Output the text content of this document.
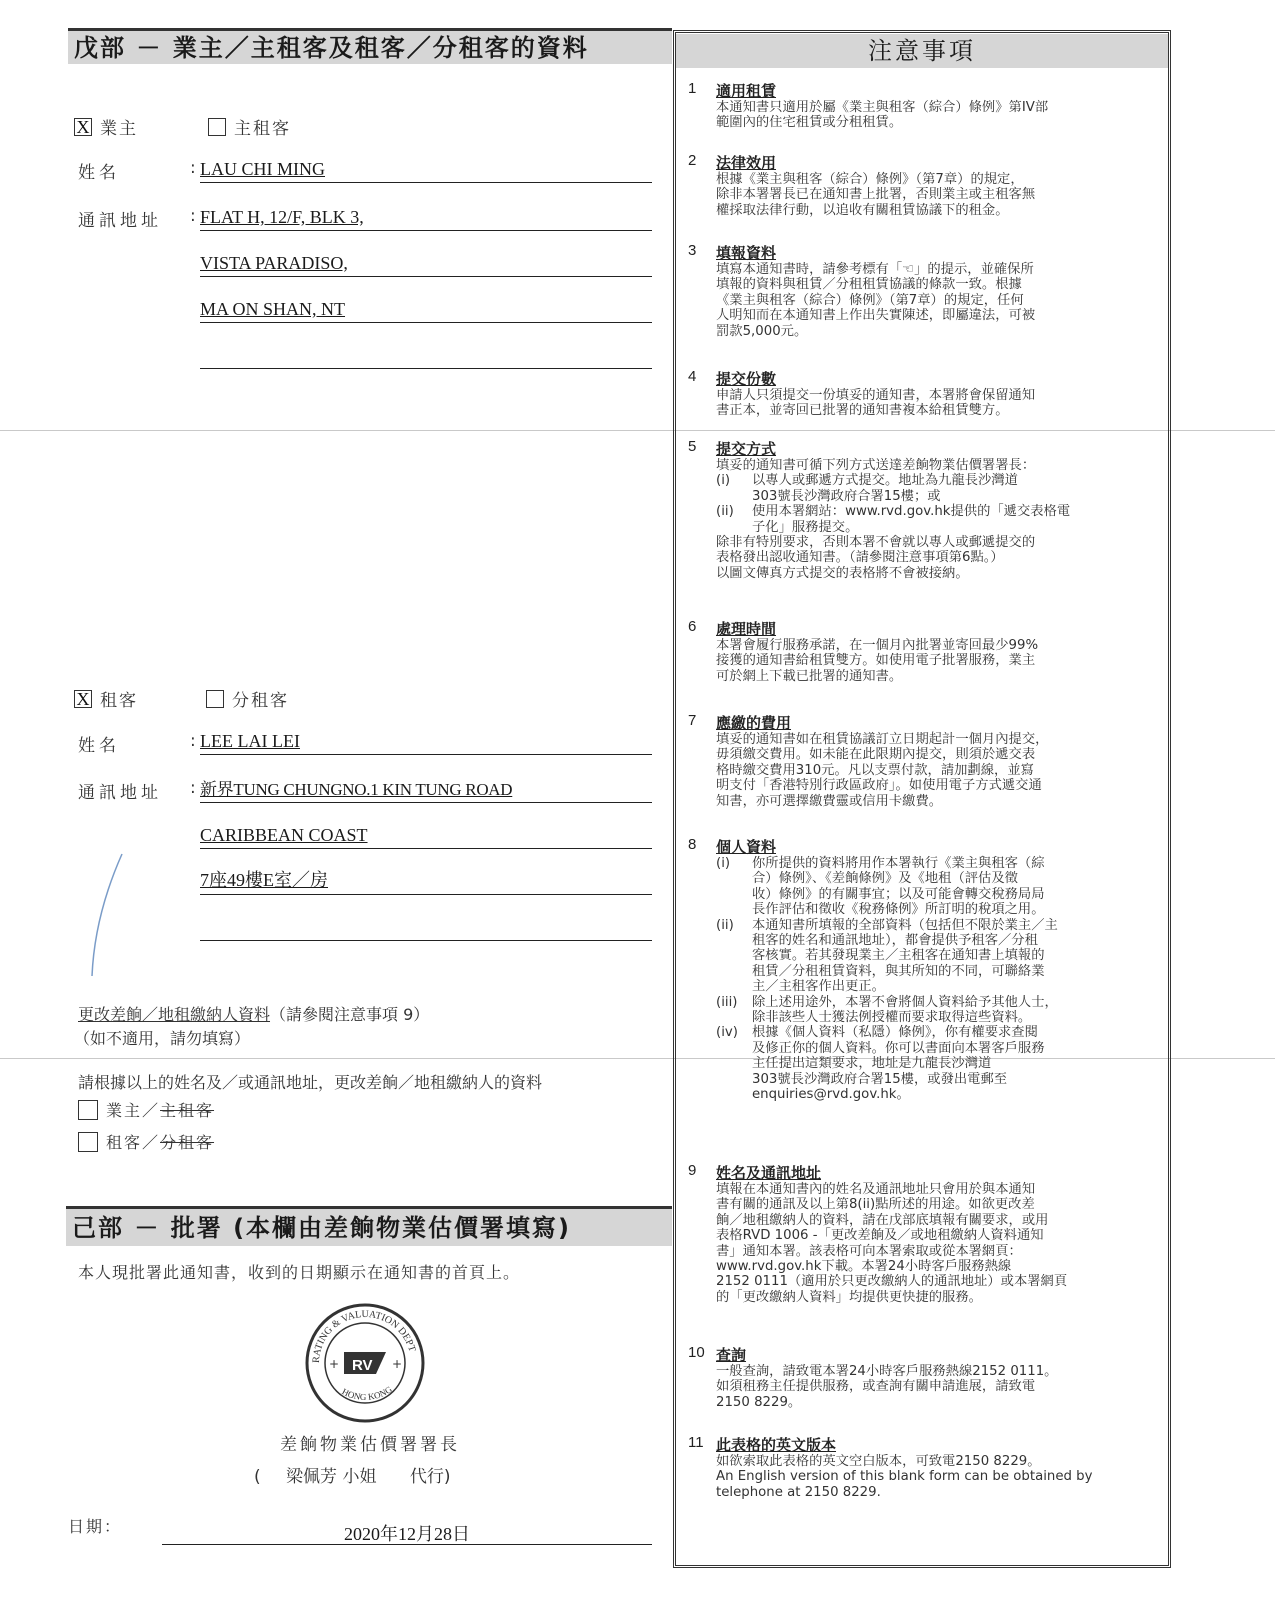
戊部 － 業主／主租客及租客／分租客的資料
X 業主	主租客
姓名	: LAU CHI MING
通訊地址 : FLAT H, 12/F, BLK 3,
VISTA PARADISO,
MA ON SHAN, NT
X 租客	分租客
姓名	: LEE LAI LEI
通訊地址 : 新界TUNG CHUNGNO.1 KIN TUNG ROAD
CARIBBEAN COAST
7座49樓E室／房
更改差餉／地租繳納人資料（請參閱注意事項 9）
（如不適用，請勿填寫）
請根據以上的姓名及／或通訊地址，更改差餉／地租繳納人的資料
業主／主租客
租客／分租客
己部 － 批署 (本欄由差餉物業估價署填寫)
本人現批署此通知書，收到的日期顯示在通知書的首頁上。
RATING & VALUATION DEPT
HONG KONG
RV
+	+
差餉物業估價署署長
( 梁佩芳 小姐 代行)
日期：	2020年12月28日
注意事項
1 適用租賃

本通知書只適用於屬《業主與租客（綜合）條例》第IV部

範圍內的住宅租賃或分租租賃。

2 法律效用

根據《業主與租客（綜合）條例》（第7章）的規定，

除非本署署長已在通知書上批署，否則業主或主租客無

權採取法律行動，以追收有關租賃協議下的租金。

3 填報資料

填寫本通知書時，請參考標有「☜」的提示，並確保所

填報的資料與租賃／分租租賃協議的條款一致。根據

《業主與租客（綜合）條例》（第7章）的規定，任何

人明知而在本通知書上作出失實陳述，即屬違法，可被

罰款5,000元。

4 提交份數

申請人只須提交一份填妥的通知書，本署將會保留通知

書正本，並寄回已批署的通知書複本給租賃雙方。

5 提交方式

填妥的通知書可循下列方式送達差餉物業估價署署長：

(i) 以專人或郵遞方式提交。地址為九龍長沙灣道

303號長沙灣政府合署15樓；或

(ii) 使用本署網站：www.rvd.gov.hk提供的「遞交表格電

子化」服務提交。

除非有特別要求，否則本署不會就以專人或郵遞提交的

表格發出認收通知書。（請參閱注意事項第6點。）

以圖文傳真方式提交的表格將不會被接納。

6 處理時間

本署會履行服務承諾，在一個月內批署並寄回最少99%

接獲的通知書給租賃雙方。如使用電子批署服務，業主

可於網上下載已批署的通知書。

7 應繳的費用

填妥的通知書如在租賃協議訂立日期起計一個月內提交，

毋須繳交費用。如未能在此限期內提交，則須於遞交表

格時繳交費用310元。凡以支票付款，請加劃線，並寫

明支付「香港特別行政區政府」。如使用電子方式遞交通

知書，亦可選擇繳費靈或信用卡繳費。

8 個人資料
(i) 你所提供的資料將用作本署執行《業主與租客（綜

合）條例》、《差餉條例》及《地租（評估及徵

收）條例》的有關事宜；以及可能會轉交稅務局局

長作評估和徵收《稅務條例》所訂明的稅項之用。

(ii) 本通知書所填報的全部資料（包括但不限於業主／主

租客的姓名和通訊地址），都會提供予租客／分租

客核實。若其發現業主／主租客在通知書上填報的

租賃／分租租賃資料，與其所知的不同，可聯絡業

主／主租客作出更正。

(iii) 除上述用途外，本署不會將個人資料給予其他人士，

除非該些人士獲法例授權而要求取得這些資料。

(iv) 根據《個人資料（私隱）條例》，你有權要求查閱

及修正你的個人資料。你可以書面向本署客戶服務

主任提出這類要求，地址是九龍長沙灣道

303號長沙灣政府合署15樓，或發出電郵至

enquiries@rvd.gov.hk。

9 姓名及通訊地址

填報在本通知書內的姓名及通訊地址只會用於與本通知

書有關的通訊及以上第8(ii)點所述的用途。如欲更改差

餉／地租繳納人的資料，請在戊部底填報有關要求，或用

表格RVD 1006 -「更改差餉及／或地租繳納人資料通知

書」通知本署。該表格可向本署索取或從本署網頁：

www.rvd.gov.hk下載。本署24小時客戶服務熱線

2152 0111（適用於只更改繳納人的通訊地址）或本署網頁

的「更改繳納人資料」均提供更快捷的服務。

10 查詢

一般查詢，請致電本署24小時客戶服務熱線2152 0111。

如須租務主任提供服務，或查詢有關申請進展，請致電

2150 8229。

11 此表格的英文版本

如欲索取此表格的英文空白版本，可致電2150 8229。

An English version of this blank form can be obtained by

telephone at 2150 8229.
